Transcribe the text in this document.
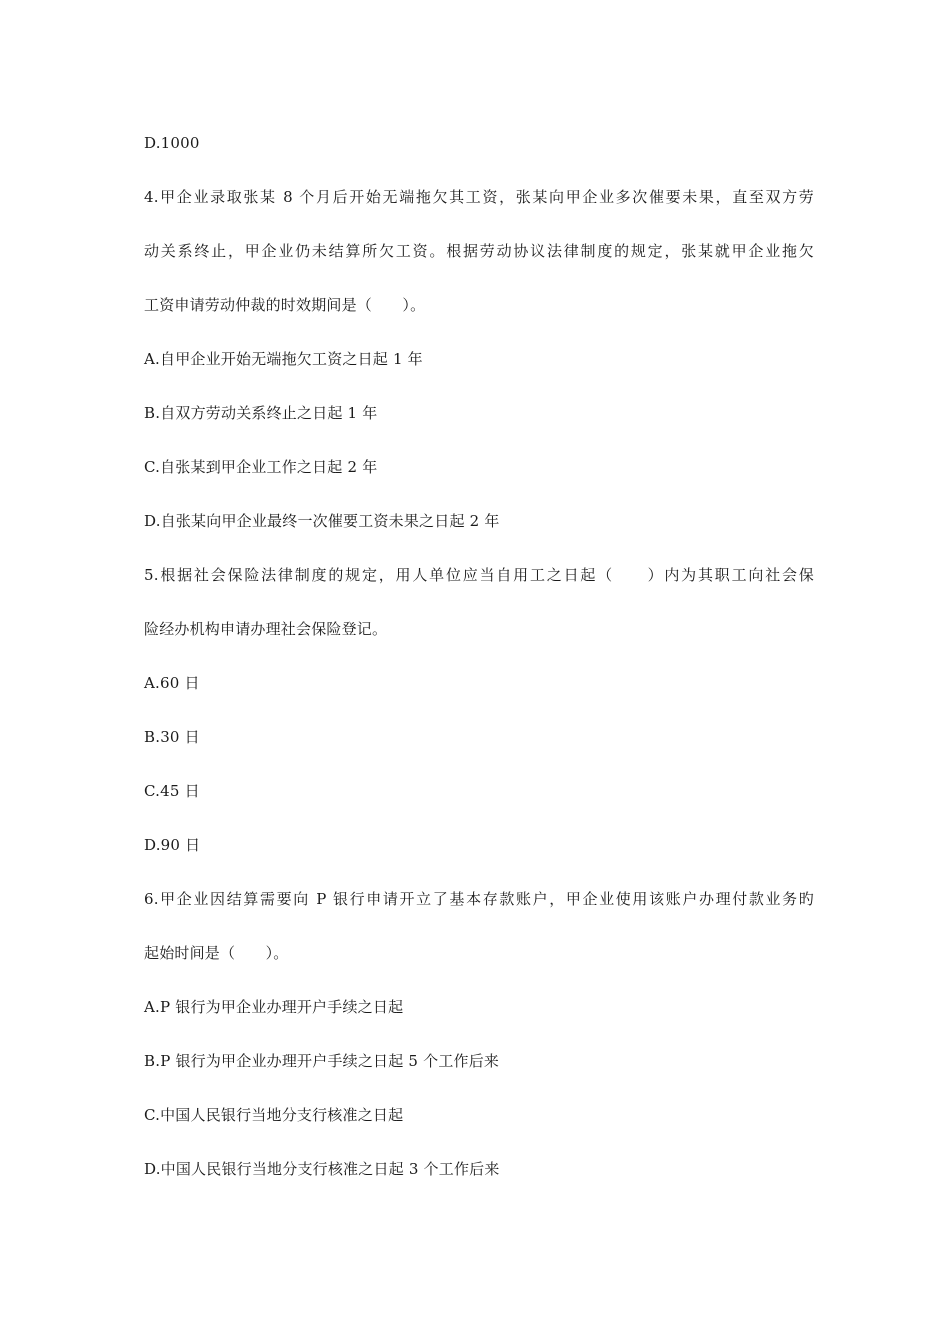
D.1000
4.甲企业录取张某 8 个月后开始无端拖欠其工资，张某向甲企业多次催要未果，直至双方劳
动关系终止，甲企业仍未结算所欠工资。根据劳动协议法律制度的规定，张某就甲企业拖欠
工资申请劳动仲裁的时效期间是（　　）。
A.自甲企业开始无端拖欠工资之日起 1 年
B.自双方劳动关系终止之日起 1 年
C.自张某到甲企业工作之日起 2 年
D.自张某向甲企业最终一次催要工资未果之日起 2 年
5.根据社会保险法律制度的规定，用人单位应当自用工之日起（　　）内为其职工向社会保
险经办机构申请办理社会保险登记。
A.60 日
B.30 日
C.45 日
D.90 日
6.甲企业因结算需要向 P 银行申请开立了基本存款账户，甲企业使用该账户办理付款业务旳
起始时间是（　　）。
A.P 银行为甲企业办理开户手续之日起
B.P 银行为甲企业办理开户手续之日起 5 个工作后来
C.中国人民银行当地分支行核准之日起
D.中国人民银行当地分支行核准之日起 3 个工作后来
